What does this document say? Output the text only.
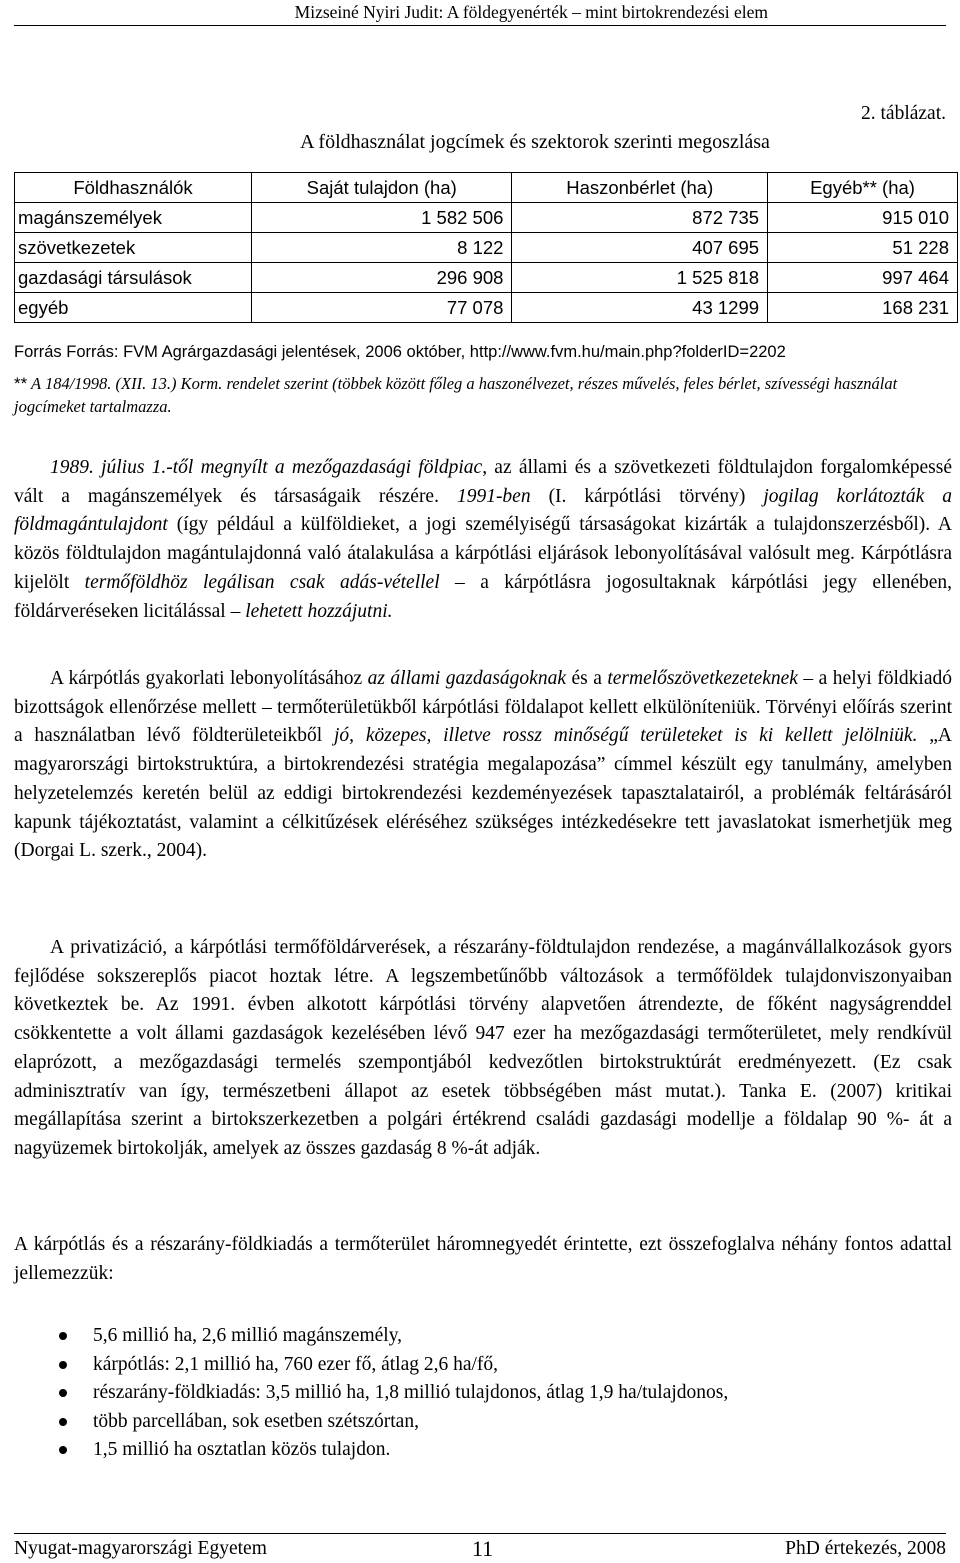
Mizseiné Nyiri Judit: A földegyenérték – mint birtokrendezési elem
2. táblázat.
A földhasználat jogcímek és szektorok szerinti megoszlása
Földhasználók	Saját tulajdon (ha)	Haszonbérlet (ha)	Egyéb** (ha)
magánszemélyek	1 582 506	872 735	915 010
szövetkezetek	8 122	407 695	51 228
gazdasági társulások	296 908	1 525 818	997 464
egyéb	77 078	43 1299	168 231
Forrás Forrás: FVM Agrárgazdasági jelentések, 2006 október, http://www.fvm.hu/main.php?folderID=2202
** A 184/1998. (XII. 13.) Korm. rendelet szerint (többek között főleg a haszonélvezet, részes művelés, feles bérlet, szívességi használat jogcímeket tartalmazza.
1989. július 1.-től megnyílt a mezőgazdasági földpiac, az állami és a szövetkezeti földtulajdon forgalomképessé vált a magánszemélyek és társaságaik részére. 1991-ben (I. kárpótlási törvény) jogilag korlátozták a földmagántulajdont (így például a külföldieket, a jogi személyiségű társaságokat kizárták a tulajdonszerzésből). A közös földtulajdon magántulajdonná való átalakulása a kárpótlási eljárások lebonyolításával valósult meg. Kárpótlásra kijelölt termőföldhöz legálisan csak adás-vétellel – a kárpótlásra jogosultaknak kárpótlási jegy ellenében, földárveréseken licitálással – lehetett hozzájutni.
A kárpótlás gyakorlati lebonyolításához az állami gazdaságoknak és a termelőszövetkezeteknek – a helyi földkiadó bizottságok ellenőrzése mellett – termőterületükből kárpótlási földalapot kellett elkülöníteniük. Törvényi előírás szerint a használatban lévő földterületeikből jó, közepes, illetve rossz minőségű területeket is ki kellett jelölniük. „A magyarországi birtokstruktúra, a birtokrendezési stratégia megalapozása” címmel készült egy tanulmány, amelyben helyzetelemzés keretén belül az eddigi birtokrendezési kezdeményezések tapasztalatairól, a problémák feltárásáról kapunk tájékoztatást, valamint a célkitűzések eléréséhez szükséges intézkedésekre tett javaslatokat ismerhetjük meg (Dorgai L. szerk., 2004).
A privatizáció, a kárpótlási termőföldárverések, a részarány-földtulajdon rendezése, a magánvállalkozások gyors fejlődése sokszereplős piacot hoztak létre. A legszembetűnőbb változások a termőföldek tulajdonviszonyaiban következtek be. Az 1991. évben alkotott kárpótlási törvény alapvetően átrendezte, de főként nagyságrenddel csökkentette a volt állami gazdaságok kezelésében lévő 947 ezer ha mezőgazdasági termőterületet, mely rendkívül elaprózott, a mezőgazdasági termelés szempontjából kedvezőtlen birtokstruktúrát eredményezett. (Ez csak adminisztratív van így, természetbeni állapot az esetek többségében mást mutat.). Tanka E. (2007) kritikai megállapítása szerint a birtokszerkezetben a polgári értékrend családi gazdasági modellje a földalap 90 %- át a nagyüzemek birtokolják, amelyek az összes gazdaság 8 %-át adják.
A kárpótlás és a részarány-földkiadás a termőterület háromnegyedét érintette, ezt összefoglalva néhány fontos adattal jellemezzük:
5,6 millió ha, 2,6 millió magánszemély,
kárpótlás: 2,1 millió ha, 760 ezer fő, átlag 2,6 ha/fő,
részarány-földkiadás: 3,5 millió ha, 1,8 millió tulajdonos, átlag 1,9 ha/tulajdonos,
több parcellában, sok esetben szétszórtan,
1,5 millió ha osztatlan közös tulajdon.
Nyugat-magyarországi Egyetem	11	PhD értekezés, 2008
